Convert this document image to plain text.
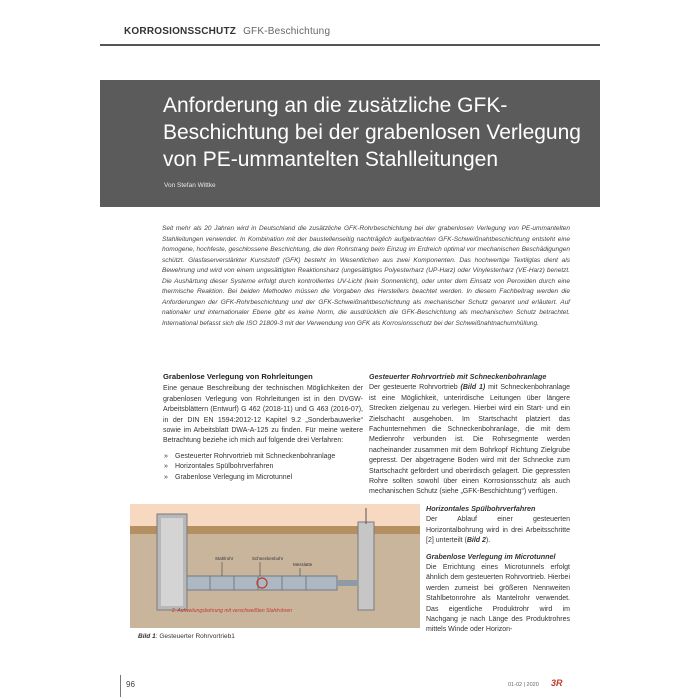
KORROSIONSSCHUTZ GFK-Beschichtung
Anforderung an die zusätzliche GFK-Beschichtung bei der grabenlosen Verlegung von PE-ummantelten Stahlleitungen
Von Stefan Wittke

Seit mehr als 20 Jahren wird in Deutschland die zusätzliche GFK-Rohrbeschichtung bei der grabenlosen Verlegung von PE-ummantelten Stahlleitungen verwendet. In Kombination mit der baustellenseitig nachträglich aufgebrachten GFK-Schweißnahtbeschichtung entsteht eine homogene, hochfeste, geschlossene Beschichtung, die den Rohrstrang beim Einzug im Erdreich optimal vor mechanischen Beschädigungen schützt. Glasfaserverstärkter Kunststoff (GFK) besteht im Wesentlichen aus zwei Komponenten. Das hochwertige Textilglas dient als Bewehrung und wird von einem ungesättigten Reaktionsharz (ungesättigtes Polyesterharz (UP-Harz) oder Vinylesterharz (VE-Harz) benetzt. Die Aushärtung dieser Systeme erfolgt durch kontrolliertes UV-Licht (kein Sonnenlicht), oder unter dem Einsatz von Peroxiden durch eine thermische Reaktion. Bei beiden Methoden müssen die Vorgaben des Herstellers beachtet werden. In diesem Fachbeitrag werden die Anforderungen der GFK-Rohrbeschichtung und der GFK-Schweißnahtbeschichtung als mechanischer Schutz genannt und erläutert. Auf nationaler und internationaler Ebene gibt es keine Norm, die ausdrücklich die GFK-Beschichtung als mechanischen Schutz betrachtet. International befasst sich die ISO 21809-3 mit der Verwendung von GFK als Korrosionsschutz bei der Schweißnahtnachumhüllung.

Grabenlose Verlegung von Rohrleitungen

Eine genaue Beschreibung der technischen Möglichkeiten der grabenlosen Verlegung von Rohrleitungen ist in den DVGW-Arbeitsblättern (Entwurf) G 462 (2018-11) und G 463 (2016-07), in der DIN EN 1594:2012-12 Kapitel 9.2 „Sonderbauwerke“ sowie im Arbeitsblatt DWA-A-125 zu finden. Für meine weitere Betrachtung beziehe ich mich auf folgende drei Verfahren:

» Gesteuerter Rohrvortrieb mit Schneckenbohranlage
» Horizontales Spülbohrverfahren
» Grabenlose Verlegung im Microtunnel
Gesteuerter Rohrvortrieb mit Schneckenbohranlage

Der gesteuerte Rohrvortrieb (Bild 1) mit Schneckenbohranlage ist eine Möglichkeit, unterirdische Leitungen über längere Strecken zielgenau zu verlegen. Hierbei wird ein Start- und ein Zielschacht ausgehoben. Im Startschacht platziert das Fachunternehmen die Schneckenbohranlage, die mit dem Medienrohr verbunden ist. Die Rohrsegmente werden nacheinander zusammen mit dem Bohrkopf Richtung Zielgrube gepresst. Der abgetragene Boden wird mit der Schnecke zum Startschacht gefördert und oberirdisch gelagert. Die gepressten Rohre sollten sowohl über einen Korrosionsschutz als auch mechanischen Schutz (siehe „GFK-Beschichtung“) verfügen.

Horizontales Spülbohrverfahren

Der Ablauf einer gesteuerten Horizontalbohrung wird in drei Arbeitsschritte [2] unterteilt (Bild 2).

Grabenlose Verlegung im Microtunnel

Die Errichtung eines Microtunnels erfolgt ähnlich dem gesteuerten Rohrvortrieb. Hierbei werden zumeist bei größeren Nennweiten Stahlbetonrohre als Mantelrohr verwendet. Das eigentliche Produktrohr wird im Nachgang je nach Länge des Produktrohres mittels Winde oder Horizon-

Stahlrohr	Schneckenbohr
Messlatte
2. Aufweitungsbohrung mit verschweißten Stahlrohren
Bild 1: Gesteuerter Rohrvortrieb1
96	01-02 | 2020 3R
